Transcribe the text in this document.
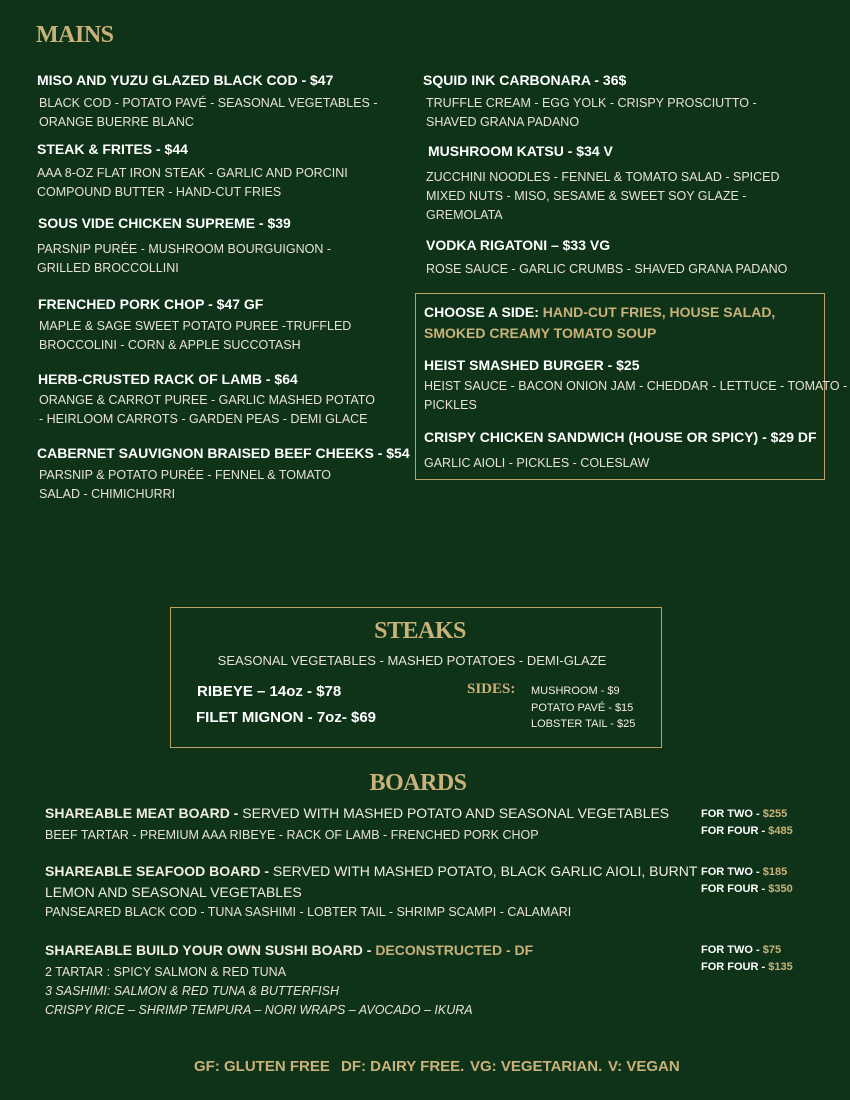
MAINS
MISO AND YUZU GLAZED BLACK COD - $47
BLACK COD - POTATO PAVÉ - SEASONAL VEGETABLES -
ORANGE BUERRE BLANC
STEAK & FRITES - $44
AAA 8-OZ FLAT IRON STEAK - GARLIC AND PORCINI
COMPOUND BUTTER - HAND-CUT FRIES
SOUS VIDE CHICKEN SUPREME - $39
PARSNIP PURÉE - MUSHROOM BOURGUIGNON -
GRILLED BROCCOLLINI
FRENCHED PORK CHOP - $47 GF
MAPLE & SAGE SWEET POTATO PUREE -TRUFFLED
BROCCOLINI - CORN & APPLE SUCCOTASH
HERB-CRUSTED RACK OF LAMB - $64
ORANGE & CARROT PUREE - GARLIC MASHED POTATO
- HEIRLOOM CARROTS - GARDEN PEAS - DEMI GLACE
CABERNET SAUVIGNON BRAISED BEEF CHEEKS - $54
PARSNIP & POTATO PURÉE - FENNEL & TOMATO
SALAD - CHIMICHURRI
SQUID INK CARBONARA - 36$
TRUFFLE CREAM - EGG YOLK - CRISPY PROSCIUTTO -
SHAVED GRANA PADANO
MUSHROOM KATSU - $34 V
ZUCCHINI NOODLES - FENNEL & TOMATO SALAD - SPICED
MIXED NUTS - MISO, SESAME & SWEET SOY GLAZE -
GREMOLATA
VODKA RIGATONI – $33 VG
ROSE SAUCE - GARLIC CRUMBS - SHAVED GRANA PADANO
CHOOSE A SIDE: HAND-CUT FRIES, HOUSE SALAD,
SMOKED CREAMY TOMATO SOUP
HEIST SMASHED BURGER - $25
HEIST SAUCE - BACON ONION JAM - CHEDDAR - LETTUCE - TOMATO -
PICKLES
CRISPY CHICKEN SANDWICH (HOUSE OR SPICY) - $29 DF
GARLIC AIOLI - PICKLES - COLESLAW
STEAKS
SEASONAL VEGETABLES - MASHED POTATOES - DEMI-GLAZE
RIBEYE – 14oz - $78
FILET MIGNON - 7oz- $69
SIDES: MUSHROOM - $9
POTATO PAVÉ - $15
LOBSTER TAIL - $25
BOARDS
SHAREABLE MEAT BOARD - SERVED WITH MASHED POTATO AND SEASONAL VEGETABLES
BEEF TARTAR - PREMIUM AAA RIBEYE - RACK OF LAMB - FRENCHED PORK CHOP
FOR TWO - $255
FOR FOUR - $485
SHAREABLE SEAFOOD BOARD - SERVED WITH MASHED POTATO, BLACK GARLIC AIOLI, BURNT
LEMON AND SEASONAL VEGETABLES
PANSEARED BLACK COD - TUNA SASHIMI - LOBTER TAIL - SHRIMP SCAMPI - CALAMARI
FOR TWO - $185
FOR FOUR - $350
SHAREABLE BUILD YOUR OWN SUSHI BOARD - DECONSTRUCTED - DF
2 TARTAR : SPICY SALMON & RED TUNA
3 SASHIMI: SALMON & RED TUNA & BUTTERFISH
CRISPY RICE – SHRIMP TEMPURA – NORI WRAPS – AVOCADO – IKURA
FOR TWO - $75
FOR FOUR - $135
GF: GLUTEN FREE DF: DAIRY FREE. VG: VEGETARIAN. V: VEGAN
